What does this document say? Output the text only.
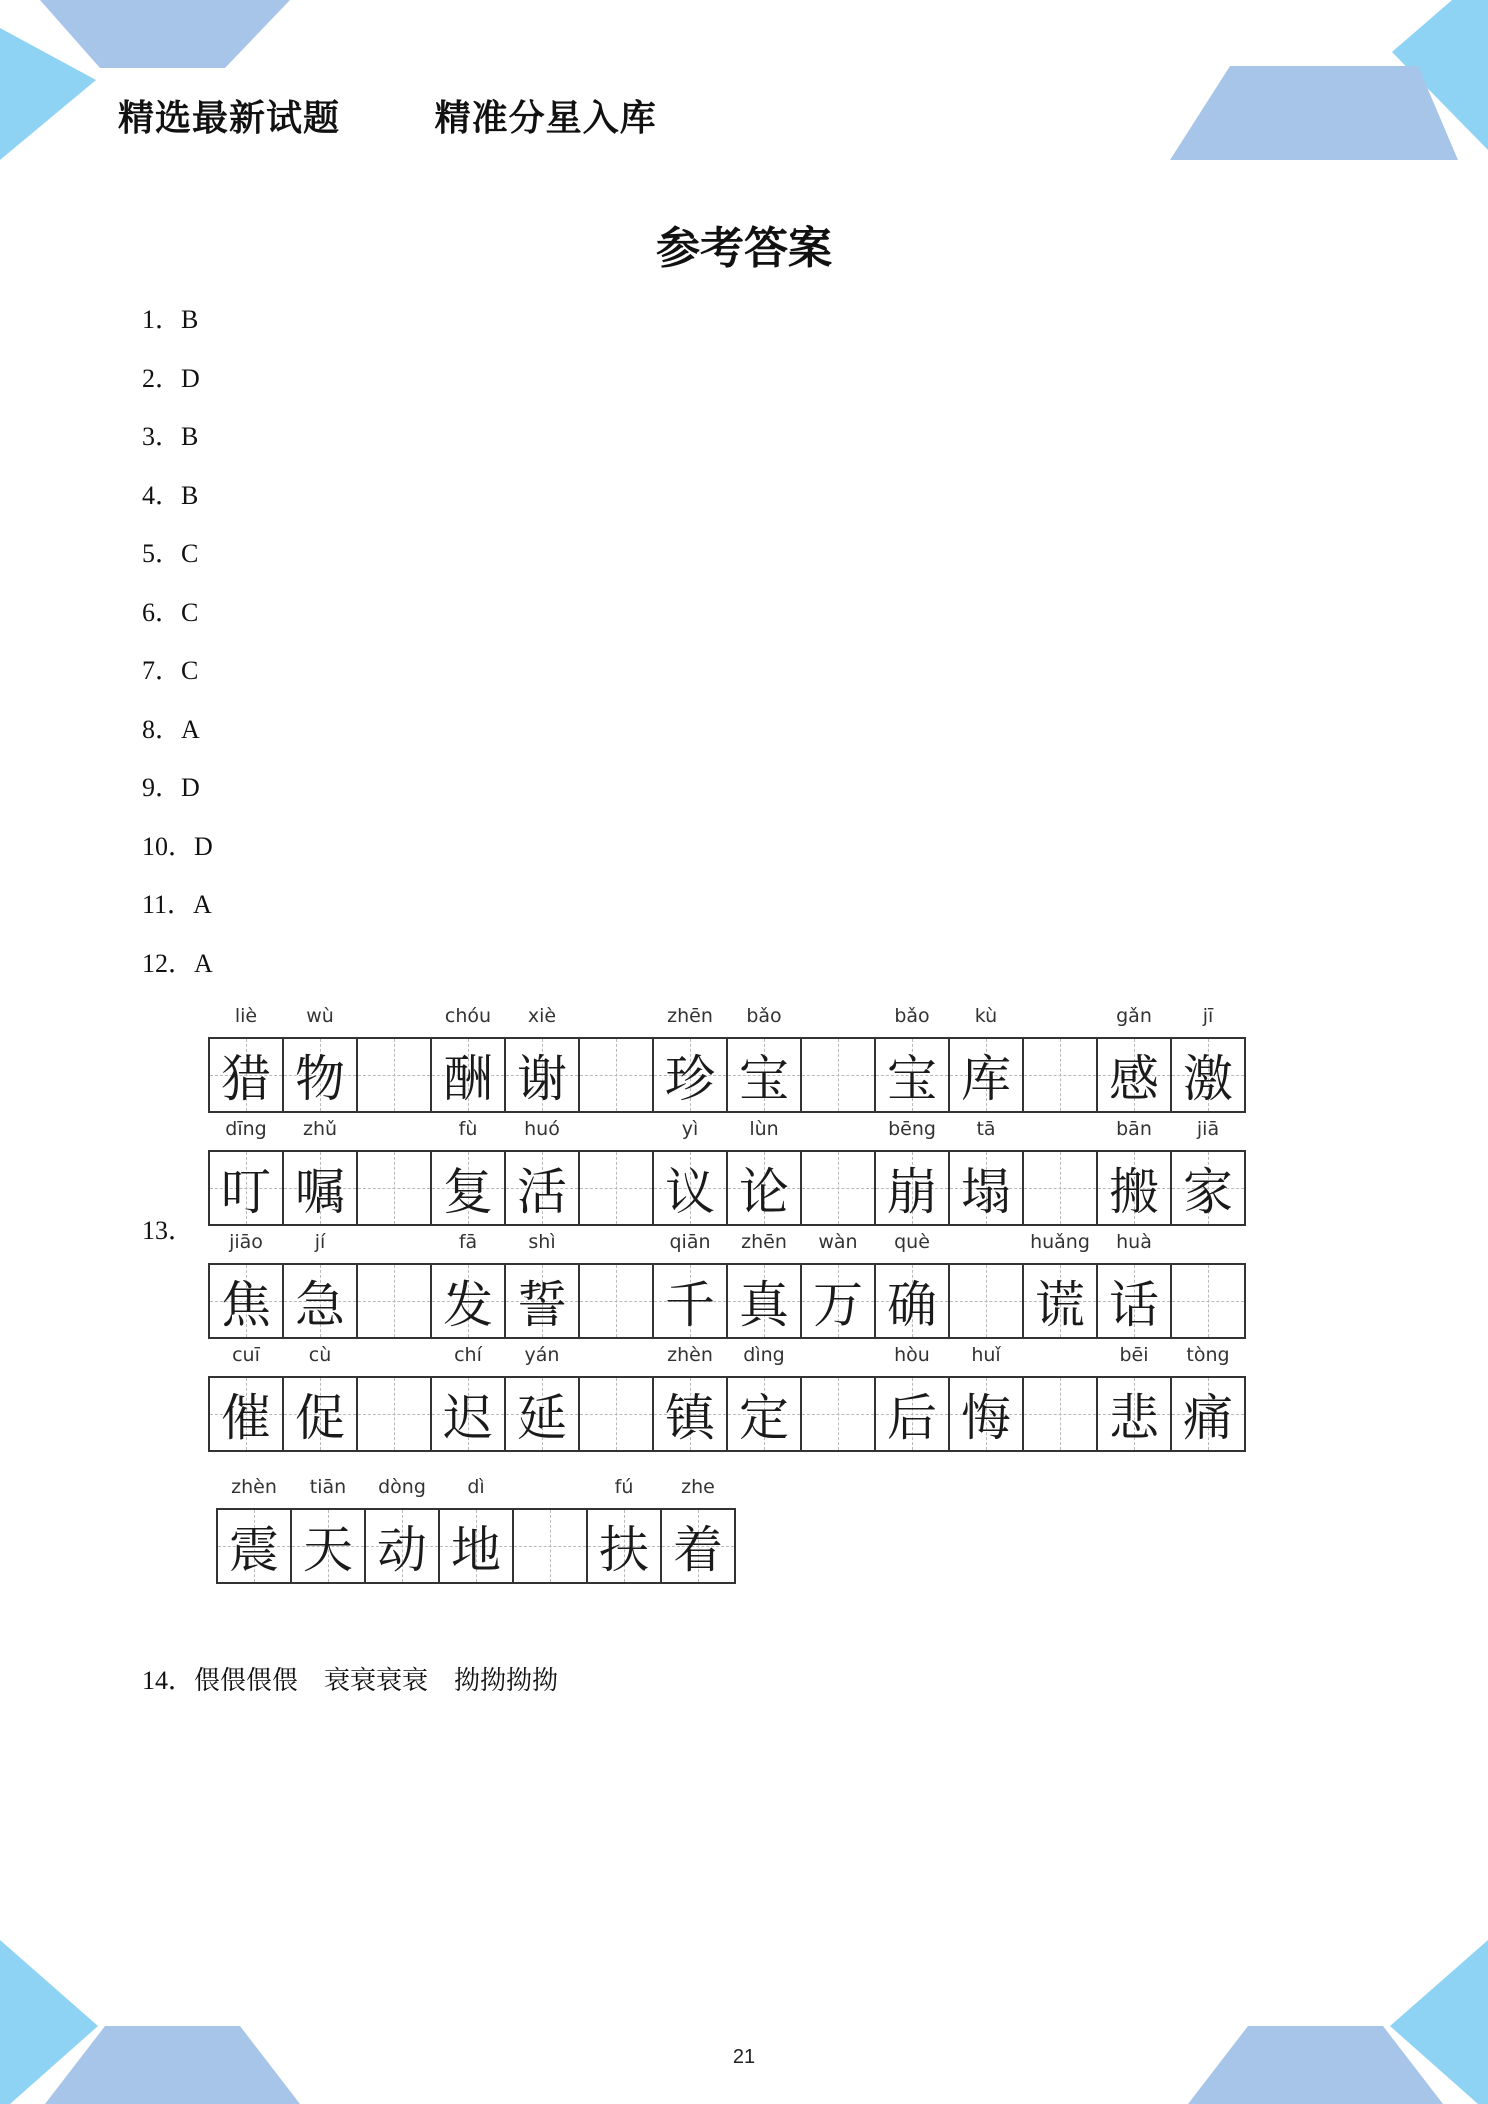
精选最新试题   精准分星入库
参考答案
1．B
2．D
3．B
4．B
5．C
6．C
7．C
8．A
9．D
10．D
11．A
12．A
13．
liè
猎
wù
物
chóu
酬
xiè
谢
zhēn
珍
bǎo
宝
bǎo
宝
kù
库
gǎn
感
jī
激
dīng
叮
zhǔ
嘱
fù
复
huó
活
yì
议
lùn
论
bēng
崩
tā
塌
bān
搬
jiā
家
jiāo
焦
jí
急
fā
发
shì
誓
qiān
千
zhēn
真
wàn
万
què
确
huǎng
谎
huà
话
cuī
催
cù
促
chí
迟
yán
延
zhèn
镇
dìng
定
hòu
后
huǐ
悔
bēi
悲
tòng
痛
zhèn
震
tiān
天
dòng
动
dì
地
fú
扶
zhe
着
14．偎偎偎偎　衰衰衰衰　拗拗拗拗
21
